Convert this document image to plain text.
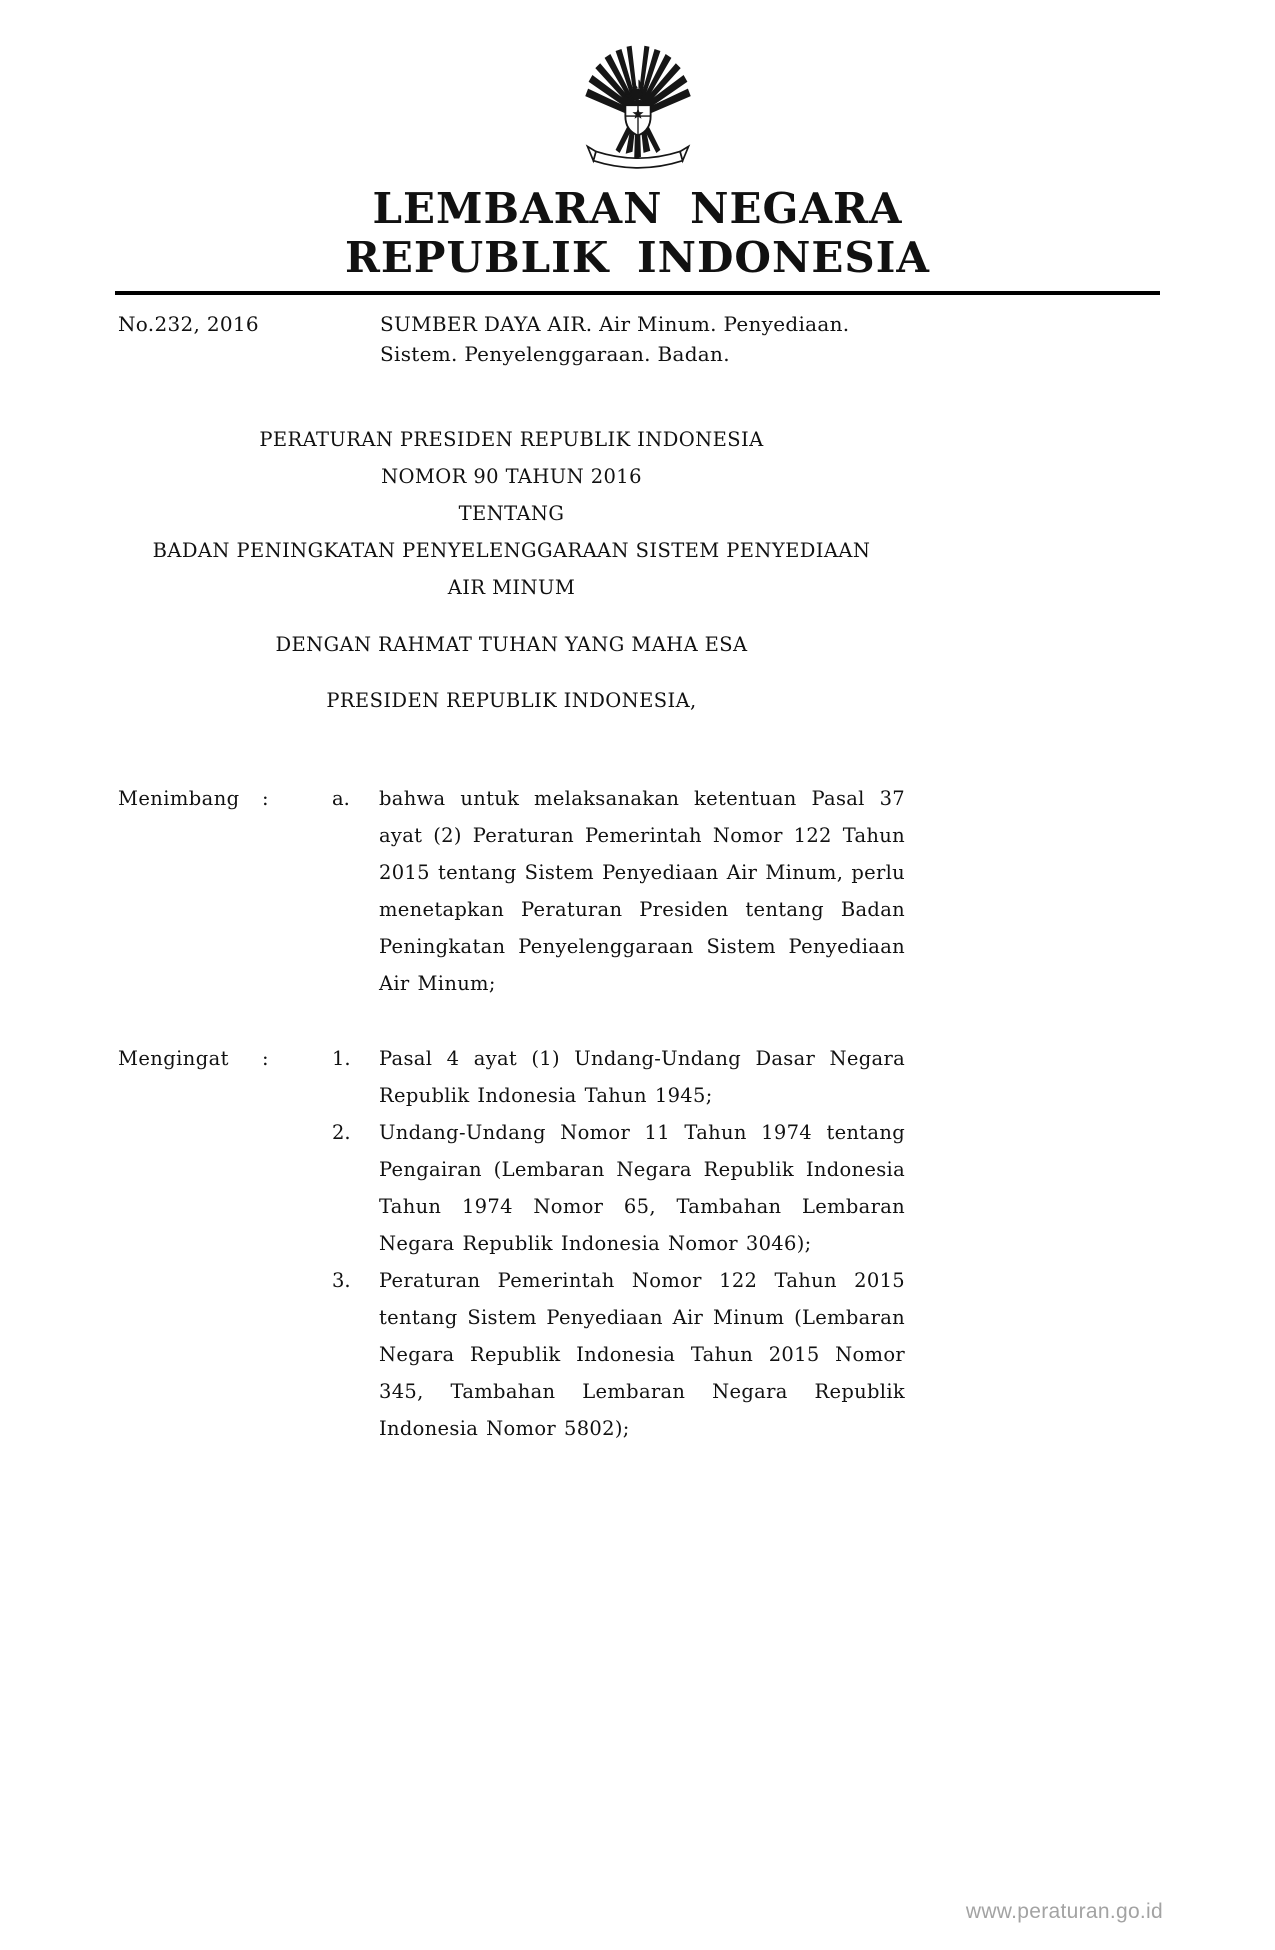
LEMBARAN NEGARA
REPUBLIK INDONESIA
No.232, 2016	SUMBER DAYA AIR. Air Minum. Penyediaan. Sistem. Penyelenggaraan. Badan.
PERATURAN PRESIDEN REPUBLIK INDONESIA
NOMOR 90 TAHUN 2016
TENTANG
BADAN PENINGKATAN PENYELENGGARAAN SISTEM PENYEDIAAN
AIR MINUM
DENGAN RAHMAT TUHAN YANG MAHA ESA
PRESIDEN REPUBLIK INDONESIA,
Menimbang :	a.	bahwa untuk melaksanakan ketentuan Pasal 37 ayat (2) Peraturan Pemerintah Nomor 122 Tahun 2015 tentang Sistem Penyediaan Air Minum, perlu menetapkan Peraturan Presiden tentang Badan Peningkatan Penyelenggaraan Sistem Penyediaan Air Minum;
Mengingat :	1.	Pasal 4 ayat (1) Undang-Undang Dasar Negara Republik Indonesia Tahun 1945;
2.	Undang-Undang Nomor 11 Tahun 1974 tentang Pengairan (Lembaran Negara Republik Indonesia Tahun 1974 Nomor 65, Tambahan Lembaran Negara Republik Indonesia Nomor 3046);
3.	Peraturan Pemerintah Nomor 122 Tahun 2015 tentang Sistem Penyediaan Air Minum (Lembaran Negara Republik Indonesia Tahun 2015 Nomor 345, Tambahan Lembaran Negara Republik Indonesia Nomor 5802);
www.peraturan.go.id
